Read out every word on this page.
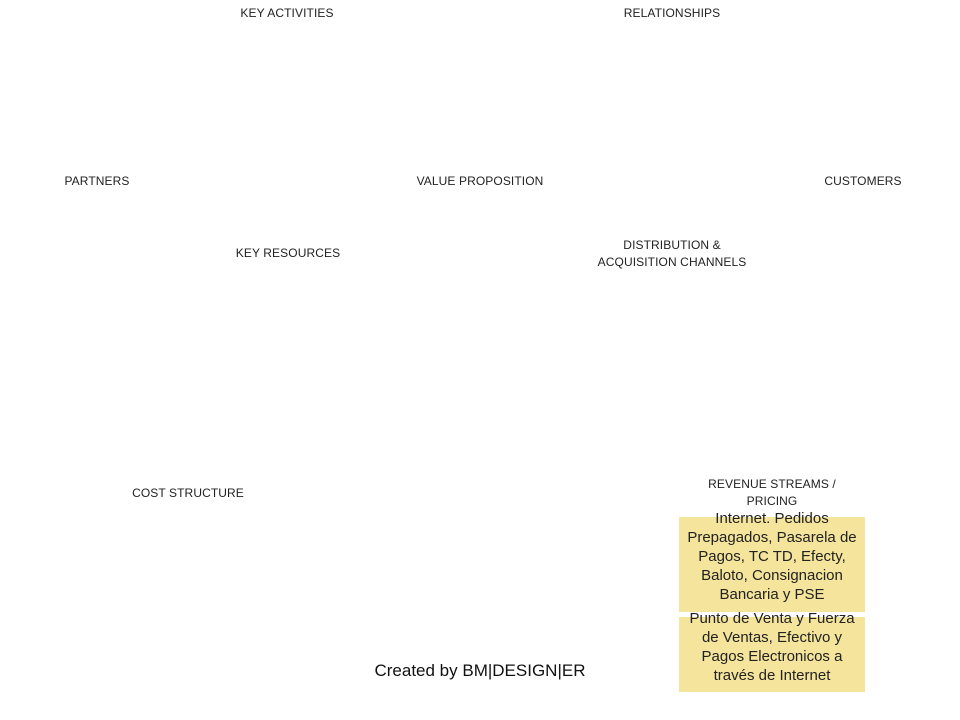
KEY ACTIVITIES	RELATIONSHIPS
PARTNERS	VALUE PROPOSITION	CUSTOMERS
KEY RESOURCES
DISTRIBUTION &
ACQUISITION CHANNELS
COST STRUCTURE
REVENUE STREAMS /
PRICING
Internet. Pedidos Prepagados, Pasarela de Pagos, TC TD, Efecty, Baloto, Consignacion Bancaria y PSE
Punto de Venta y Fuerza de Ventas, Efectivo y Pagos Electronicos a través de Internet
Created by BM|DESIGN|ER
